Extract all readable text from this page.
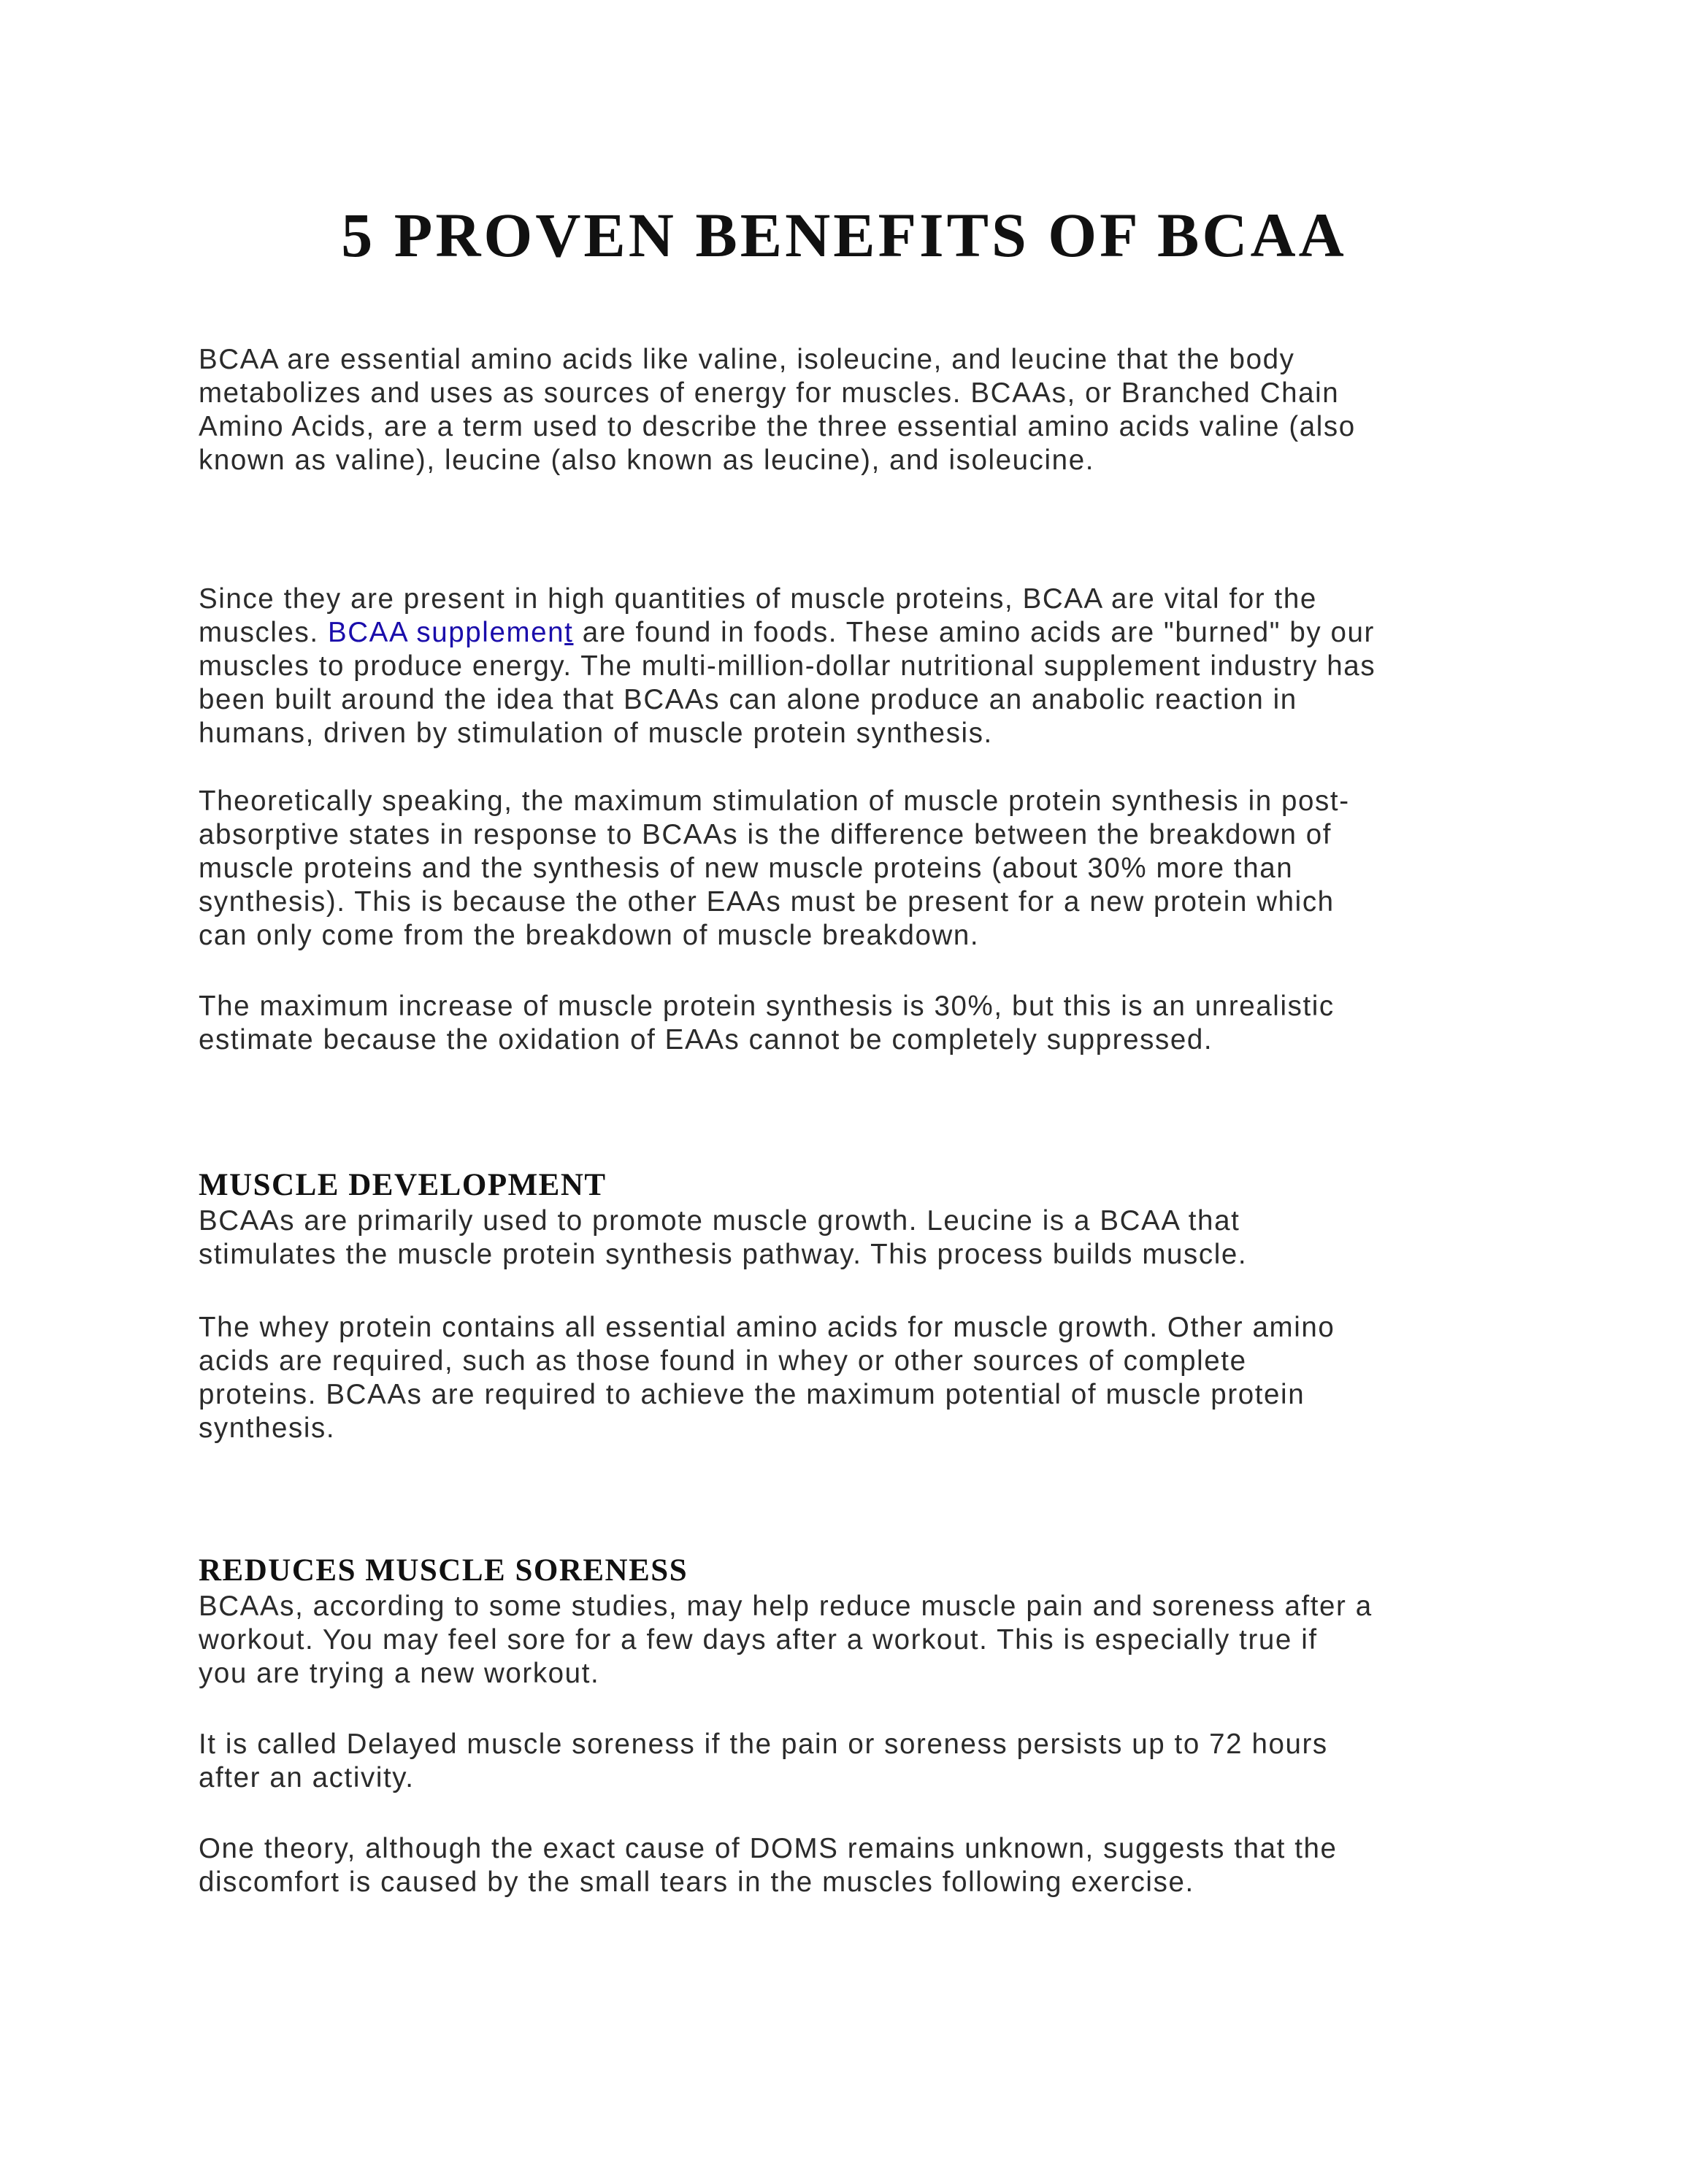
5 PROVEN BENEFITS OF BCAA

BCAA are essential amino acids like valine, isoleucine, and leucine that the body
metabolizes and uses as sources of energy for muscles. BCAAs, or Branched Chain
Amino Acids, are a term used to describe the three essential amino acids valine (also
known as valine), leucine (also known as leucine), and isoleucine.

Since they are present in high quantities of muscle proteins, BCAA are vital for the
muscles. BCAA supplement are found in foods. These amino acids are "burned" by our
muscles to produce energy. The multi-million-dollar nutritional supplement industry has
been built around the idea that BCAAs can alone produce an anabolic reaction in
humans, driven by stimulation of muscle protein synthesis.

Theoretically speaking, the maximum stimulation of muscle protein synthesis in post-
absorptive states in response to BCAAs is the difference between the breakdown of
muscle proteins and the synthesis of new muscle proteins (about 30% more than
synthesis). This is because the other EAAs must be present for a new protein which
can only come from the breakdown of muscle breakdown.

The maximum increase of muscle protein synthesis is 30%, but this is an unrealistic
estimate because the oxidation of EAAs cannot be completely suppressed.

MUSCLE DEVELOPMENT

BCAAs are primarily used to promote muscle growth. Leucine is a BCAA that
stimulates the muscle protein synthesis pathway. This process builds muscle.

The whey protein contains all essential amino acids for muscle growth. Other amino
acids are required, such as those found in whey or other sources of complete
proteins. BCAAs are required to achieve the maximum potential of muscle protein
synthesis.

REDUCES MUSCLE SORENESS

BCAAs, according to some studies, may help reduce muscle pain and soreness after a
workout. You may feel sore for a few days after a workout. This is especially true if
you are trying a new workout.

It is called Delayed muscle soreness if the pain or soreness persists up to 72 hours
after an activity.

One theory, although the exact cause of DOMS remains unknown, suggests that the
discomfort is caused by the small tears in the muscles following exercise.
